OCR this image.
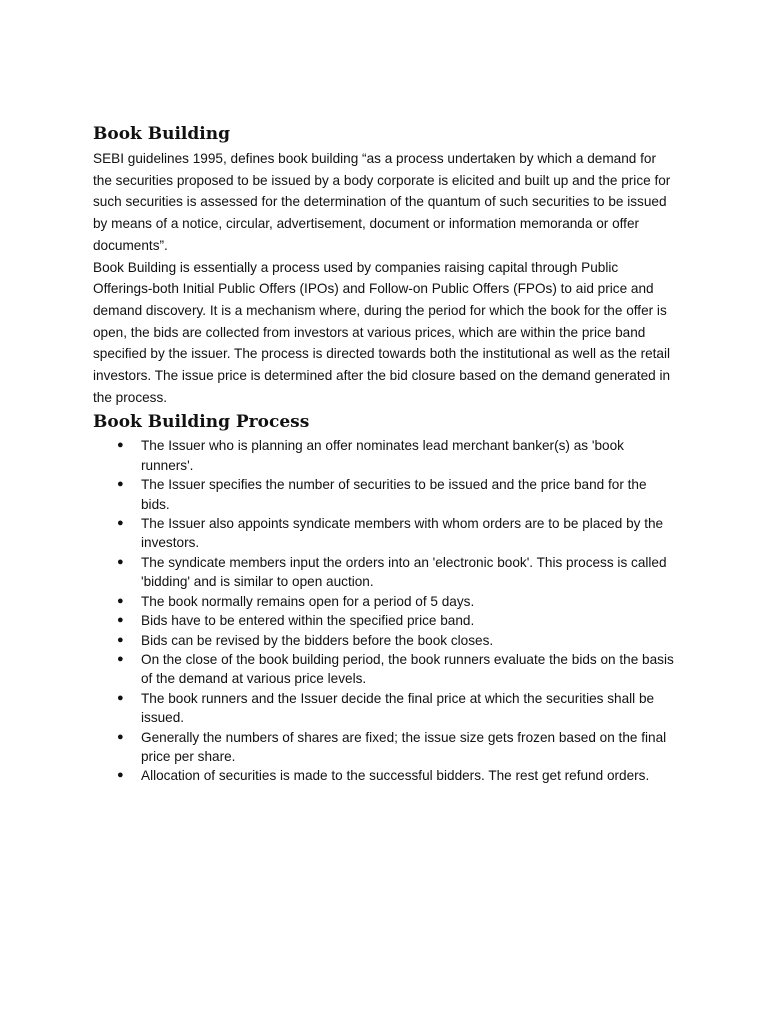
Book Building

SEBI guidelines 1995, defines book building “as a process undertaken by which a demand for the securities proposed to be issued by a body corporate is elicited and built up and the price for such securities is assessed for the determination of the quantum of such securities to be issued by means of a notice, circular, advertisement, document or information memoranda or offer documents”.

Book Building is essentially a process used by companies raising capital through Public Offerings-both Initial Public Offers (IPOs) and Follow-on Public Offers (FPOs) to aid price and demand discovery. It is a mechanism where, during the period for which the book for the offer is open, the bids are collected from investors at various prices, which are within the price band specified by the issuer. The process is directed towards both the institutional as well as the retail investors. The issue price is determined after the bid closure based on the demand generated in the process.

Book Building Process
● The Issuer who is planning an offer nominates lead merchant banker(s) as 'book runners'.
● The Issuer specifies the number of securities to be issued and the price band for the bids.
● The Issuer also appoints syndicate members with whom orders are to be placed by the investors.
● The syndicate members input the orders into an 'electronic book'. This process is called 'bidding' and is similar to open auction.
● The book normally remains open for a period of 5 days.
● Bids have to be entered within the specified price band.
● Bids can be revised by the bidders before the book closes.
● On the close of the book building period, the book runners evaluate the bids on the basis of the demand at various price levels.
● The book runners and the Issuer decide the final price at which the securities shall be issued.
● Generally the numbers of shares are fixed; the issue size gets frozen based on the final price per share.
● Allocation of securities is made to the successful bidders. The rest get refund orders.
